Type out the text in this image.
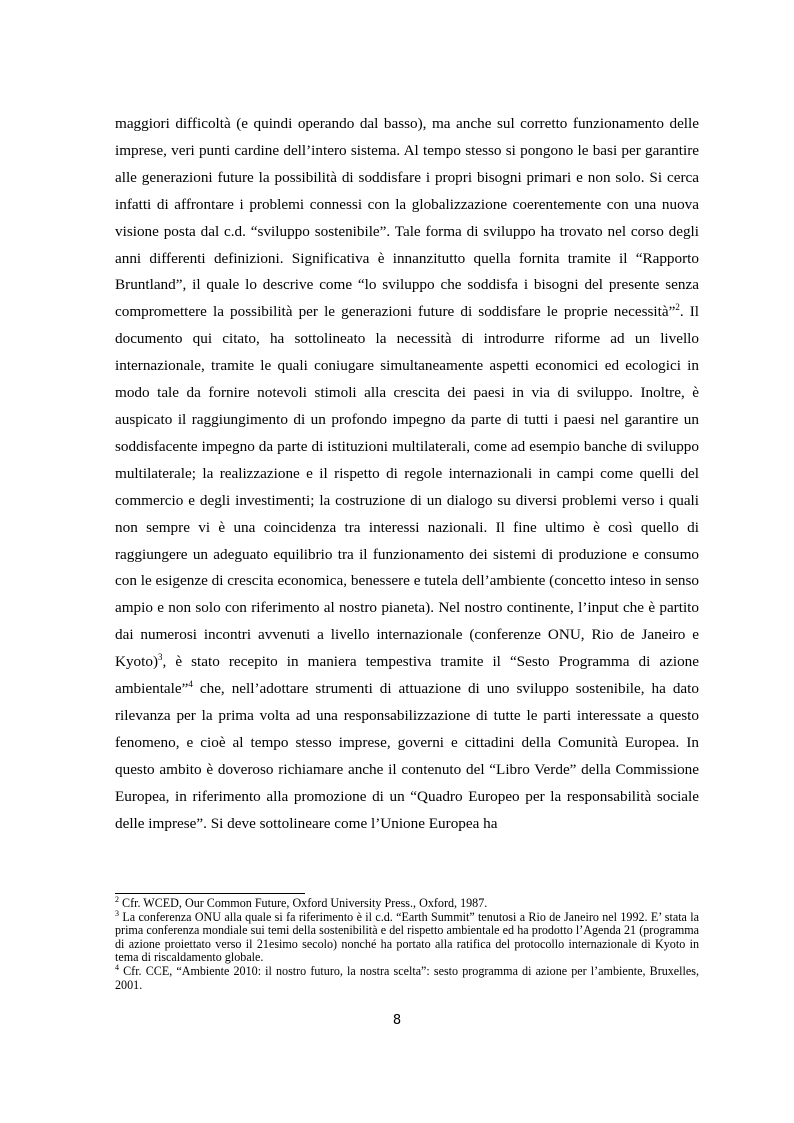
maggiori difficoltà (e quindi operando dal basso), ma anche sul corretto funzionamento delle imprese, veri punti cardine dell’intero sistema. Al tempo stesso si pongono le basi per garantire alle generazioni future la possibilità di soddisfare i propri bisogni primari e non solo. Si cerca infatti di affrontare i problemi connessi con la globalizzazione coerentemente con una nuova visione posta dal c.d. “sviluppo sostenibile”. Tale forma di sviluppo ha trovato nel corso degli anni differenti definizioni. Significativa è innanzitutto quella fornita tramite il “Rapporto Bruntland”, il quale lo descrive come “lo sviluppo che soddisfa i bisogni del presente senza compromettere la possibilità per le generazioni future di soddisfare le proprie necessità”$^2$. Il documento qui citato, ha sottolineato la necessità di introdurre riforme ad un livello internazionale, tramite le quali coniugare simultaneamente aspetti economici ed ecologici in modo tale da fornire notevoli stimoli alla crescita dei paesi in via di sviluppo. Inoltre, è auspicato il raggiungimento di un profondo impegno da parte di tutti i paesi nel garantire un soddisfacente impegno da parte di istituzioni multilaterali, come ad esempio banche di sviluppo multilaterale; la realizzazione e il rispetto di regole internazionali in campi come quelli del commercio e degli investimenti; la costruzione di un dialogo su diversi problemi verso i quali non sempre vi è una coincidenza tra interessi nazionali. Il fine ultimo è così quello di raggiungere un adeguato equilibrio tra il funzionamento dei sistemi di produzione e consumo con le esigenze di crescita economica, benessere e tutela dell’ambiente (concetto inteso in senso ampio e non solo con riferimento al nostro pianeta). Nel nostro continente, l’input che è partito dai numerosi incontri avvenuti a livello internazionale (conferenze ONU, Rio de Janeiro e Kyoto)$^3$, è stato recepito in maniera tempestiva tramite il “Sesto Programma di azione ambientale”$^4$ che, nell’adottare strumenti di attuazione di uno sviluppo sostenibile, ha dato rilevanza per la prima volta ad una responsabilizzazione di tutte le parti interessate a questo fenomeno, e cioè al tempo stesso imprese, governi e cittadini della Comunità Europea. In questo ambito è doveroso richiamare anche il contenuto del “Libro Verde” della Commissione Europea, in riferimento alla promozione di un “Quadro Europeo per la responsabilità sociale delle imprese”. Si deve sottolineare come l’Unione Europea ha

$^2$ Cfr. WCED, Our Common Future, Oxford University Press., Oxford, 1987.

$^3$ La conferenza ONU alla quale si fa riferimento è il c.d. “Earth Summit” tenutosi a Rio de Janeiro nel 1992. E’ stata la prima conferenza mondiale sui temi della sostenibilità e del rispetto ambientale ed ha prodotto l’Agenda 21 (programma di azione proiettato verso il 21esimo secolo) nonché ha portato alla ratifica del protocollo internazionale di Kyoto in tema di riscaldamento globale.

$^4$ Cfr. CCE, “Ambiente 2010: il nostro futuro, la nostra scelta”: sesto programma di azione per l’ambiente, Bruxelles, 2001.

8
